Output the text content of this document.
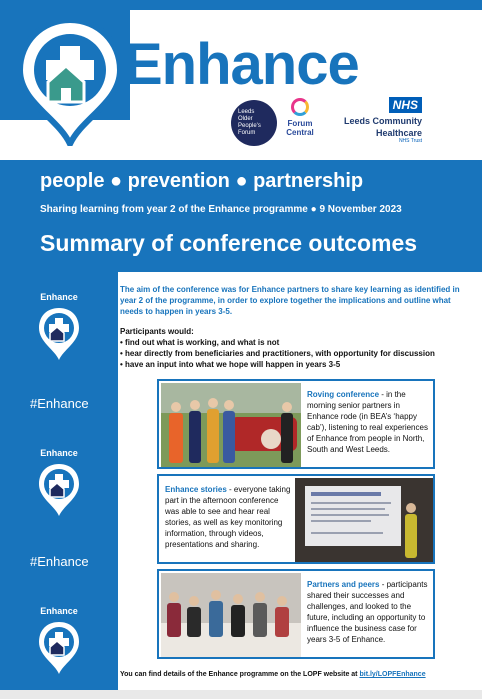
Enhance
Leeds
Older
People's
Forum
Forum
Central
NHS
Leeds Community
Healthcare
NHS Trust
people ● prevention ● partnership
Sharing learning from year 2 of the Enhance programme ● 9 November 2023
Summary of conference outcomes
Enhance
#Enhance
Enhance
#Enhance
Enhance
The aim of the conference was for Enhance partners to share key learning as identified in year 2 of the programme, in order to explore together the implications and outline what needs to happen in years 3-5.
Participants would:
• find out what is working, and what is not
• hear directly from beneficiaries and practitioners, with opportunity for discussion
• have an input into what we hope will happen in years 3-5
Roving conference - in the morning senior partners in Enhance rode (in BEA’s ‘happy cab’), listening to real experiences of Enhance from people in North, South and West Leeds.
Enhance stories - everyone taking part in the afternoon conference was able to see and hear real stories, as well as key monitoring information, through videos, presentations and sharing.
Partners and peers - participants shared their successes and challenges, and looked to the future, including an opportunity to influence the business case for years 3-5 of Enhance.
You can find details of the Enhance programme on the LOPF website at bit.ly/LOPFEnhance
